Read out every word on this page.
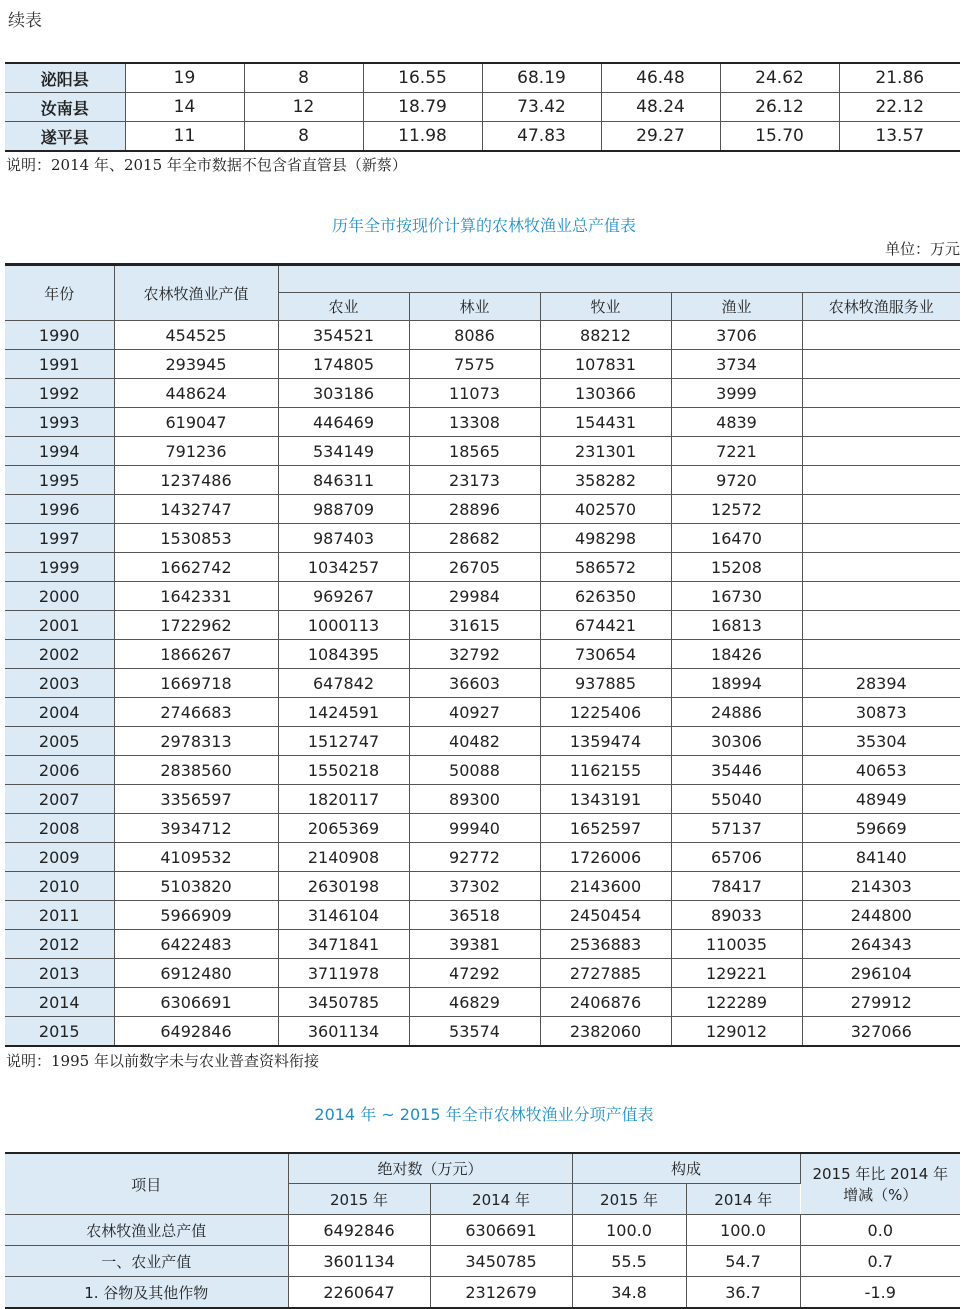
续表
泌阳县	19	8	16.55	68.19	46.48	24.62	21.86
汝南县	14	12	18.79	73.42	48.24	26.12	22.12
遂平县	11	8	11.98	47.83	29.27	15.70	13.57
说明：2014 年、2015 年全市数据不包含省直管县（新蔡）
历年全市按现价计算的农林牧渔业总产值表
单位：万元
年份	农林牧渔业产值					
		农业	林业	牧业	渔业	农林牧渔服务业
1990	454525	354521	8086	88212	3706	
1991	293945	174805	7575	107831	3734	
1992	448624	303186	11073	130366	3999	
1993	619047	446469	13308	154431	4839	
1994	791236	534149	18565	231301	7221	
1995	1237486	846311	23173	358282	9720	
1996	1432747	988709	28896	402570	12572	
1997	1530853	987403	28682	498298	16470	
1999	1662742	1034257	26705	586572	15208	
2000	1642331	969267	29984	626350	16730	
2001	1722962	1000113	31615	674421	16813	
2002	1866267	1084395	32792	730654	18426	
2003	1669718	647842	36603	937885	18994	28394
2004	2746683	1424591	40927	1225406	24886	30873
2005	2978313	1512747	40482	1359474	30306	35304
2006	2838560	1550218	50088	1162155	35446	40653
2007	3356597	1820117	89300	1343191	55040	48949
2008	3934712	2065369	99940	1652597	57137	59669
2009	4109532	2140908	92772	1726006	65706	84140
2010	5103820	2630198	37302	2143600	78417	214303
2011	5966909	3146104	36518	2450454	89033	244800
2012	6422483	3471841	39381	2536883	110035	264343
2013	6912480	3711978	47292	2727885	129221	296104
2014	6306691	3450785	46829	2406876	122289	279912
2015	6492846	3601134	53574	2382060	129012	327066
说明：1995 年以前数字未与农业普查资料衔接
2014 年 ~ 2015 年全市农林牧渔业分项产值表
项目	绝对数（万元）		构成		2015 年比 2014 年
增减（%）

	2015 年	2014 年	2015 年	2014 年	
农林牧渔业总产值	6492846	6306691	100.0	100.0	0.0
一、农业产值	3601134	3450785	55.5	54.7	0.7
1. 谷物及其他作物	2260647	2312679	34.8	36.7	-1.9
